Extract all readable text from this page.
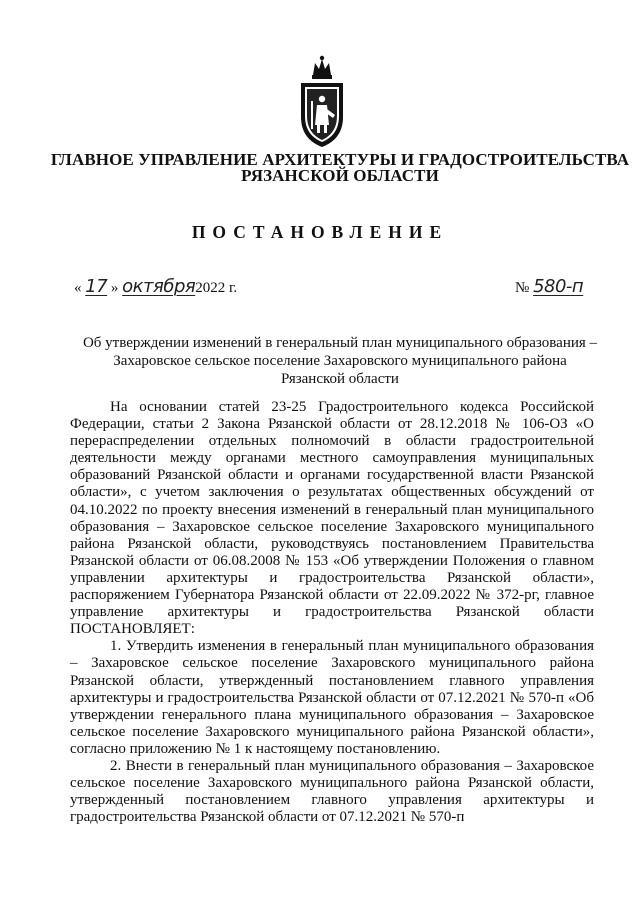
ГЛАВНОЕ УПРАВЛЕНИЕ АРХИТЕКТУРЫ И ГРАДОСТРОИТЕЛЬСТВА
РЯЗАНСКОЙ ОБЛАСТИ
ПОСТАНОВЛЕНИЕ
« 17 » октября2022 г.	№ 580-п
Об утверждении изменений в генеральный план муниципального образования –
Захаровское сельское поселение Захаровского муниципального района
Рязанской области

На основании статей 23-25 Градостроительного кодекса Российской Федерации, статьи 2 Закона Рязанской области от 28.12.2018 № 106-ОЗ «О перераспределении отдельных полномочий в области градостроительной деятельности между органами местного самоуправления муниципальных образований Рязанской области и органами государственной власти Рязанской области», с учетом заключения о результатах общественных обсуждений от 04.10.2022 по проекту внесения изменений в генеральный план муниципального образования – Захаровское сельское поселение Захаровского муниципального района Рязанской области, руководствуясь постановлением Правительства Рязанской области от 06.08.2008 № 153 «Об утверждении Положения о главном управлении архитектуры и градостроительства Рязанской области», распоряжением Губернатора Рязанской области от 22.09.2022 № 372-рг, главное управление архитектуры и градостроительства Рязанской области ПОСТАНОВЛЯЕТ:

1. Утвердить изменения в генеральный план муниципального образования – Захаровское сельское поселение Захаровского муниципального района Рязанской области, утвержденный постановлением главного управления архитектуры и градостроительства Рязанской области от 07.12.2021 № 570-п «Об утверждении генерального плана муниципального образования – Захаровское сельское поселение Захаровского муниципального района Рязанской области», согласно приложению № 1 к настоящему постановлению.

2. Внести в генеральный план муниципального образования – Захаровское сельское поселение Захаровского муниципального района Рязанской области, утвержденный постановлением главного управления архитектуры и градостроительства Рязанской области от 07.12.2021 № 570-п
